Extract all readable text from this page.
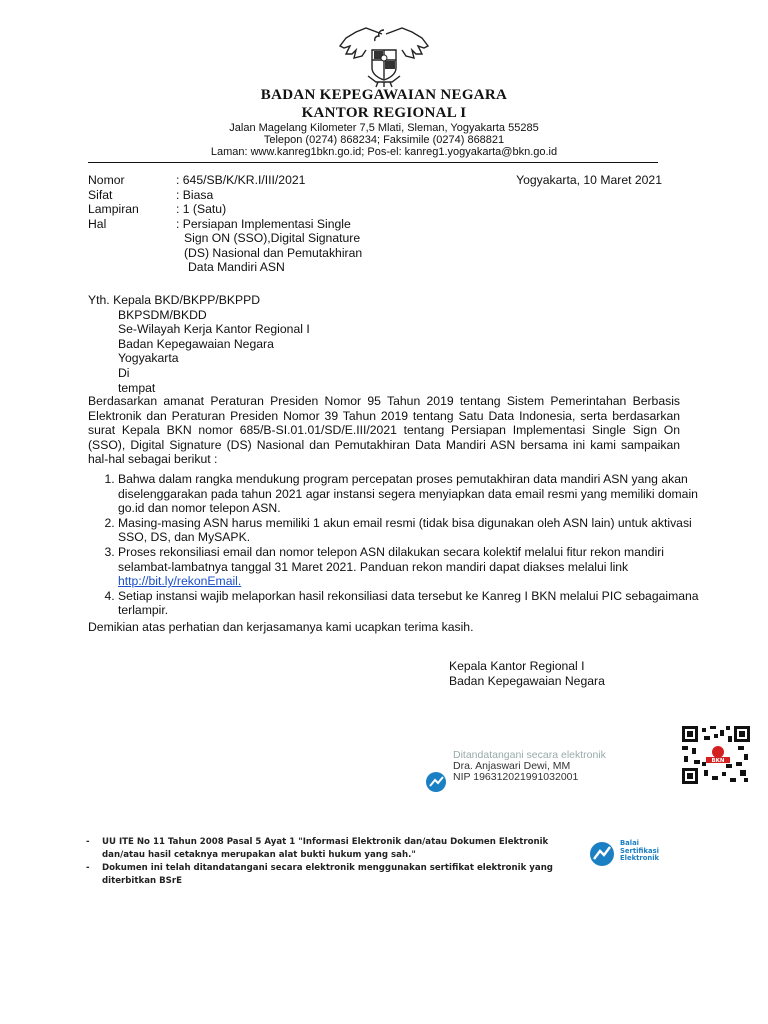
BADAN KEPEGAWAIAN NEGARA
KANTOR REGIONAL I
Jalan Magelang Kilometer 7,5 Mlati, Sleman, Yogyakarta 55285
Telepon (0274) 868234; Faksimile (0274) 868821
Laman: www.kanreg1bkn.go.id; Pos-el: kanreg1.yogyakarta@bkn.go.id
Nomor	: 645/SB/K/KR.I/III/2021
Sifat	: Biasa
Lampiran	: 1 (Satu)
Hal	: Persiapan Implementasi Single
Sign ON (SSO),Digital Signature
(DS) Nasional dan Pemutakhiran
Data Mandiri ASN
Yogyakarta, 10 Maret 2021
Yth. Kepala BKD/BKPP/BKPPD
BKPSDM/BKDD
Se-Wilayah Kerja Kantor Regional I
Badan Kepegawaian Negara
Yogyakarta
Di
tempat
Berdasarkan amanat Peraturan Presiden Nomor 95 Tahun 2019 tentang Sistem Pemerintahan Berbasis Elektronik dan Peraturan Presiden Nomor 39 Tahun 2019 tentang Satu Data Indonesia, serta berdasarkan surat Kepala BKN nomor 685/B-SI.01.01/SD/E.III/2021 tentang Persiapan Implementasi Single Sign On (SSO), Digital Signature (DS) Nasional dan Pemutakhiran Data Mandiri ASN bersama ini kami sampaikan hal-hal sebagai berikut :
1. Bahwa dalam rangka mendukung program percepatan proses pemutakhiran data mandiri ASN yang akan diselenggarakan pada tahun 2021 agar instansi segera menyiapkan data email resmi yang memiliki domain go.id dan nomor telepon ASN.
2. Masing-masing ASN harus memiliki 1 akun email resmi (tidak bisa digunakan oleh ASN lain) untuk aktivasi SSO, DS, dan MySAPK.
3. Proses rekonsiliasi email dan nomor telepon ASN dilakukan secara kolektif melalui fitur rekon mandiri selambat-lambatnya tanggal 31 Maret 2021. Panduan rekon mandiri dapat diakses melalui link http://bit.ly/rekonEmail.
4. Setiap instansi wajib melaporkan hasil rekonsiliasi data tersebut ke Kanreg I BKN melalui PIC sebagaimana terlampir.
Demikian atas perhatian dan kerjasamanya kami ucapkan terima kasih.
Kepala Kantor Regional I
Badan Kepegawaian Negara
BKN
Ditandatangani secara elektronik
Dra. Anjaswari Dewi, MM
NIP 196312021991032001
-	UU ITE No 11 Tahun 2008 Pasal 5 Ayat 1 "Informasi Elektronik dan/atau Dokumen Elektronik dan/atau hasil cetaknya merupakan alat bukti hukum yang sah."
-	Dokumen ini telah ditandatangani secara elektronik menggunakan sertifikat elektronik yang diterbitkan BSrE
Balai
Sertifikasi
Elektronik
